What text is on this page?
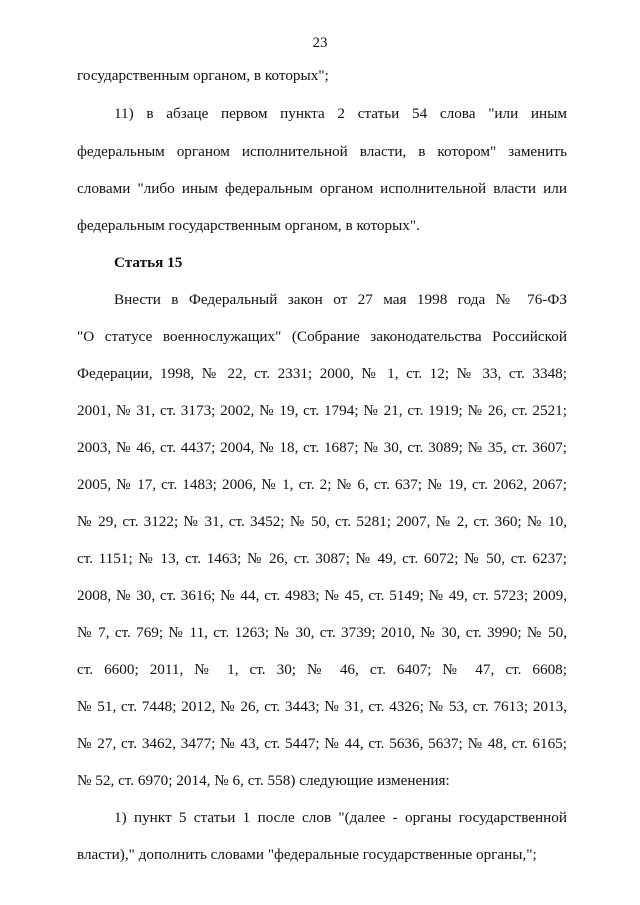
23
государственным органом, в которых";
11) в абзаце первом пункта 2 статьи 54 слова "или иным
федеральным органом исполнительной власти, в котором" заменить
словами "либо иным федеральным органом исполнительной власти или
федеральным государственным органом, в которых".
Статья 15
Внести в Федеральный закон от 27 мая 1998 года № 76-ФЗ
"О статусе военнослужащих" (Собрание законодательства Российской
Федерации, 1998, № 22, ст. 2331; 2000, № 1, ст. 12; № 33, ст. 3348;
2001, № 31, ст. 3173; 2002, № 19, ст. 1794; № 21, ст. 1919; № 26, ст. 2521;
2003, № 46, ст. 4437; 2004, № 18, ст. 1687; № 30, ст. 3089; № 35, ст. 3607;
2005, № 17, ст. 1483; 2006, № 1, ст. 2; № 6, ст. 637; № 19, ст. 2062, 2067;
№ 29, ст. 3122; № 31, ст. 3452; № 50, ст. 5281; 2007, № 2, ст. 360; № 10,
ст. 1151; № 13, ст. 1463; № 26, ст. 3087; № 49, ст. 6072; № 50, ст. 6237;
2008, № 30, ст. 3616; № 44, ст. 4983; № 45, ст. 5149; № 49, ст. 5723; 2009,
№ 7, ст. 769; № 11, ст. 1263; № 30, ст. 3739; 2010, № 30, ст. 3990; № 50,
ст. 6600; 2011, № 1, ст. 30; № 46, ст. 6407; № 47, ст. 6608;
№ 51, ст. 7448; 2012, № 26, ст. 3443; № 31, ст. 4326; № 53, ст. 7613; 2013,
№ 27, ст. 3462, 3477; № 43, ст. 5447; № 44, ст. 5636, 5637; № 48, ст. 6165;
№ 52, ст. 6970; 2014, № 6, ст. 558) следующие изменения:
1) пункт 5 статьи 1 после слов "(далее - органы государственной
власти)," дополнить словами "федеральные государственные органы,";
